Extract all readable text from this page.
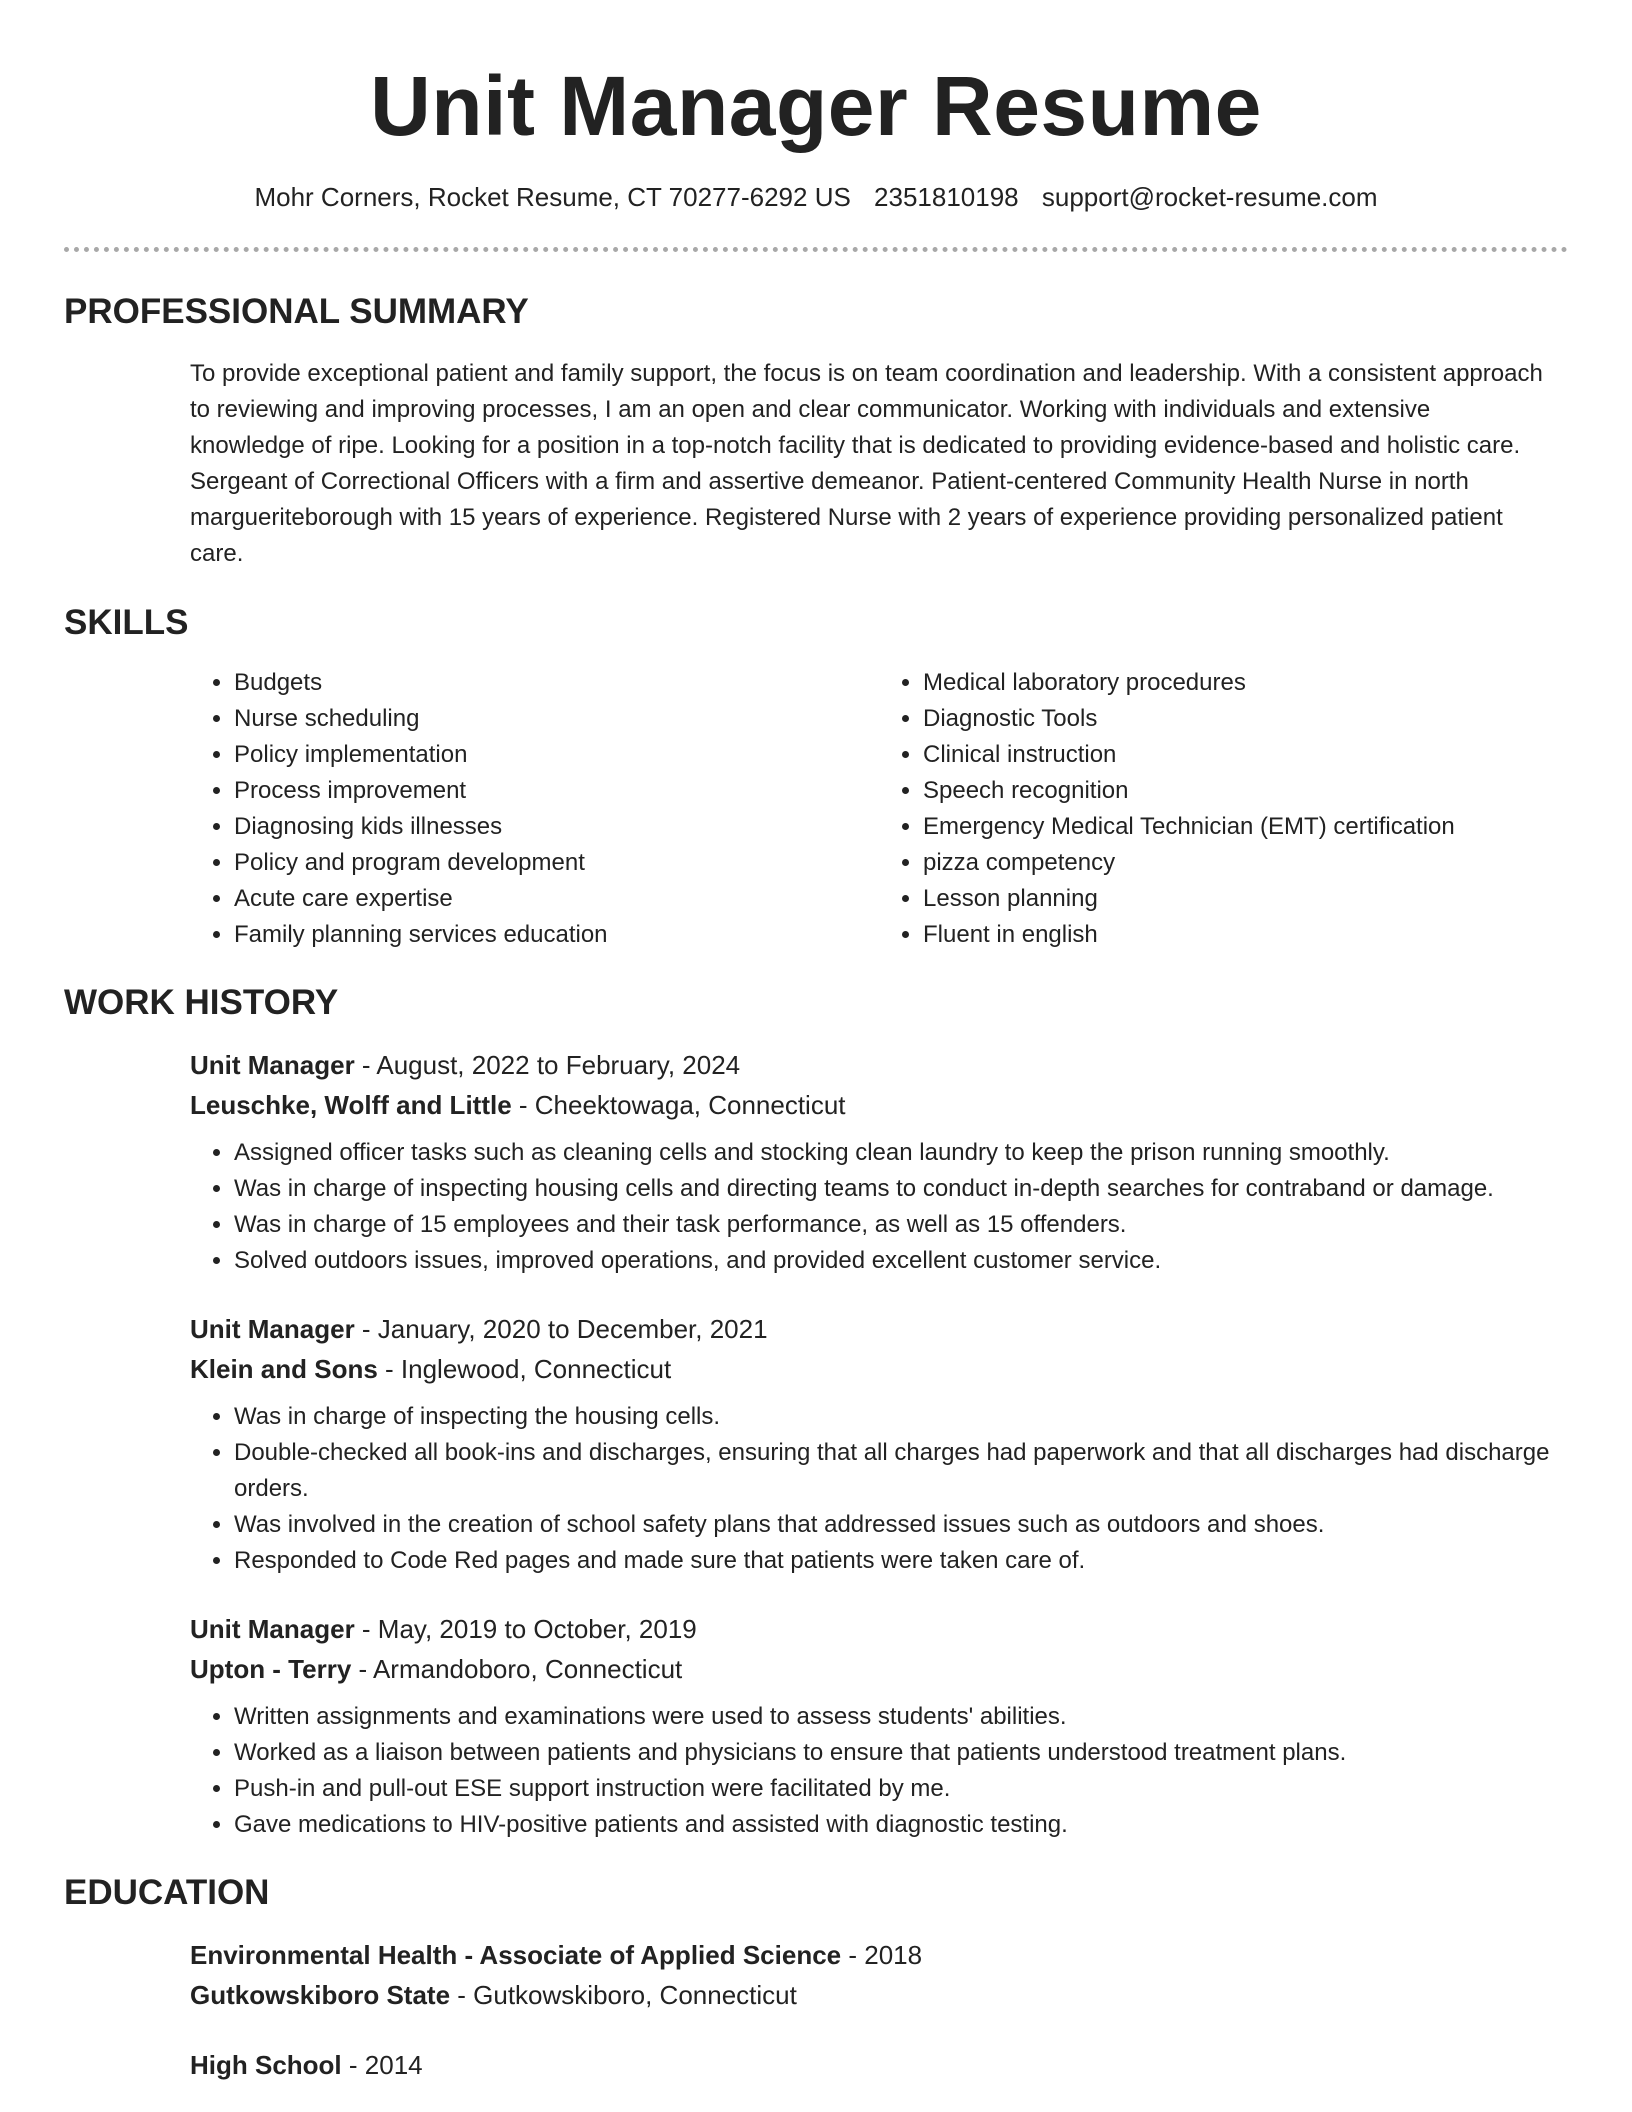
Unit Manager Resume
Mohr Corners, Rocket Resume, CT 70277-6292 US 2351810198 support@rocket-resume.com
PROFESSIONAL SUMMARY

To provide exceptional patient and family support, the focus is on team coordination and leadership. With a consistent approach to reviewing and improving processes, I am an open and clear communicator. Working with individuals and extensive knowledge of ripe. Looking for a position in a top-notch facility that is dedicated to providing evidence-based and holistic care. Sergeant of Correctional Officers with a firm and assertive demeanor. Patient-centered Community Health Nurse in north margueriteborough with 15 years of experience. Registered Nurse with 2 years of experience providing personalized patient care.

SKILLS
• Budgets
• Nurse scheduling
• Policy implementation
• Process improvement
• Diagnosing kids illnesses
• Policy and program development
• Acute care expertise
• Family planning services education
• Medical laboratory procedures
• Diagnostic Tools
• Clinical instruction
• Speech recognition
• Emergency Medical Technician (EMT) certification
• pizza competency
• Lesson planning
• Fluent in english
WORK HISTORY
Unit Manager - August, 2022 to February, 2024
Leuschke, Wolff and Little - Cheektowaga, Connecticut
• Assigned officer tasks such as cleaning cells and stocking clean laundry to keep the prison running smoothly.
• Was in charge of inspecting housing cells and directing teams to conduct in-depth searches for contraband or damage.
• Was in charge of 15 employees and their task performance, as well as 15 offenders.
• Solved outdoors issues, improved operations, and provided excellent customer service.
Unit Manager - January, 2020 to December, 2021
Klein and Sons - Inglewood, Connecticut
• Was in charge of inspecting the housing cells.
• Double-checked all book-ins and discharges, ensuring that all charges had paperwork and that all discharges had discharge orders.
• Was involved in the creation of school safety plans that addressed issues such as outdoors and shoes.
• Responded to Code Red pages and made sure that patients were taken care of.
Unit Manager - May, 2019 to October, 2019
Upton - Terry - Armandoboro, Connecticut
• Written assignments and examinations were used to assess students' abilities.
• Worked as a liaison between patients and physicians to ensure that patients understood treatment plans.
• Push-in and pull-out ESE support instruction were facilitated by me.
• Gave medications to HIV-positive patients and assisted with diagnostic testing.
EDUCATION
Environmental Health - Associate of Applied Science - 2018
Gutkowskiboro State - Gutkowskiboro, Connecticut
High School - 2014
